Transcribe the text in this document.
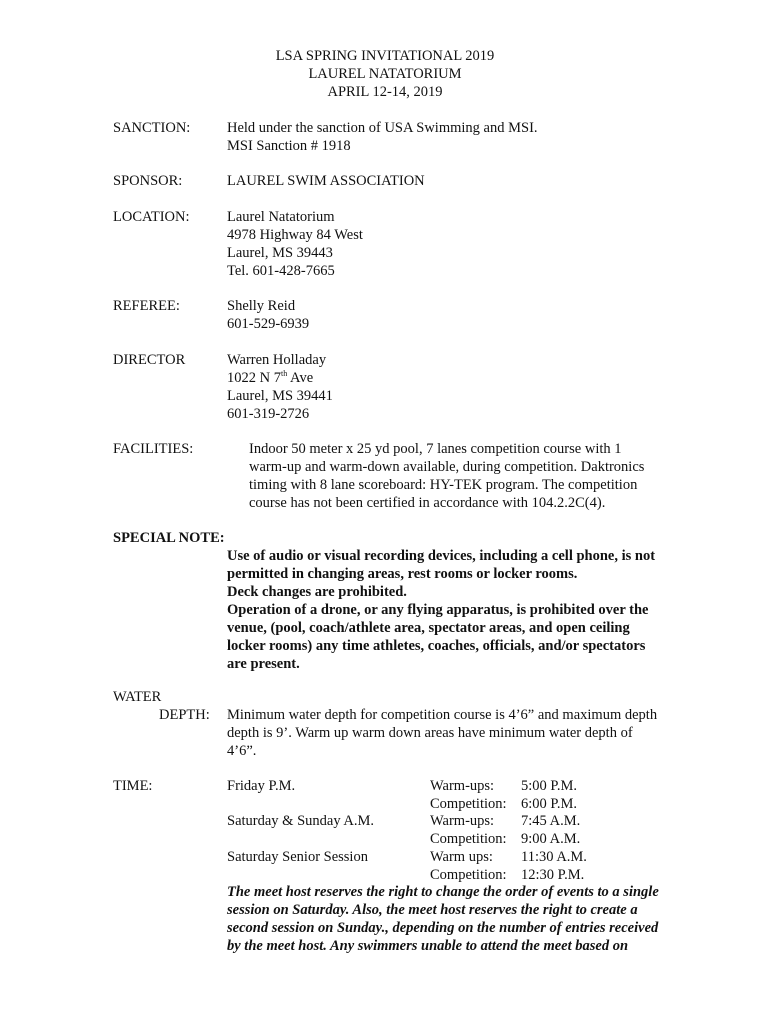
LSA SPRING INVITATIONAL 2019
LAUREL NATATORIUM
APRIL 12-14, 2019
SANCTION:	Held under the sanction of USA Swimming and MSI.
MSI Sanction # 1918
SPONSOR:	LAUREL SWIM ASSOCIATION
LOCATION:	Laurel Natatorium
4978 Highway 84 West
Laurel, MS 39443
Tel. 601-428-7665
REFEREE:	Shelly Reid
601-529-6939
DIRECTOR	Warren Holladay
1022 N 7th Ave
Laurel, MS 39441
601-319-2726
FACILITIES:	Indoor 50 meter x 25 yd pool, 7 lanes competition course with 1
warm-up and warm-down available, during competition. Daktronics
timing with 8 lane scoreboard: HY-TEK program. The competition
course has not been certified in accordance with 104.2.2C(4).
SPECIAL NOTE:
Use of audio or visual recording devices, including a cell phone, is not
permitted in changing areas, rest rooms or locker rooms.
Deck changes are prohibited.
Operation of a drone, or any flying apparatus, is prohibited over the
venue, (pool, coach/athlete area, spectator areas, and open ceiling
locker rooms) any time athletes, coaches, officials, and/or spectators
are present.
WATER
DEPTH: Minimum water depth for competition course is 4’6” and maximum depth
depth is 9’. Warm up warm down areas have minimum water depth of
4’6”.
TIME:	Friday P.M.	Warm-ups: 5:00 P.M.
Competition: 6:00 P.M.
Saturday & Sunday A.M.	Warm-ups: 7:45 A.M.
Competition: 9:00 A.M.
Saturday Senior Session	Warm ups: 11:30 A.M.
Competition: 12:30 P.M.
The meet host reserves the right to change the order of events to a single
session on Saturday. Also, the meet host reserves the right to create a
second session on Sunday., depending on the number of entries received
by the meet host. Any swimmers unable to attend the meet based on
